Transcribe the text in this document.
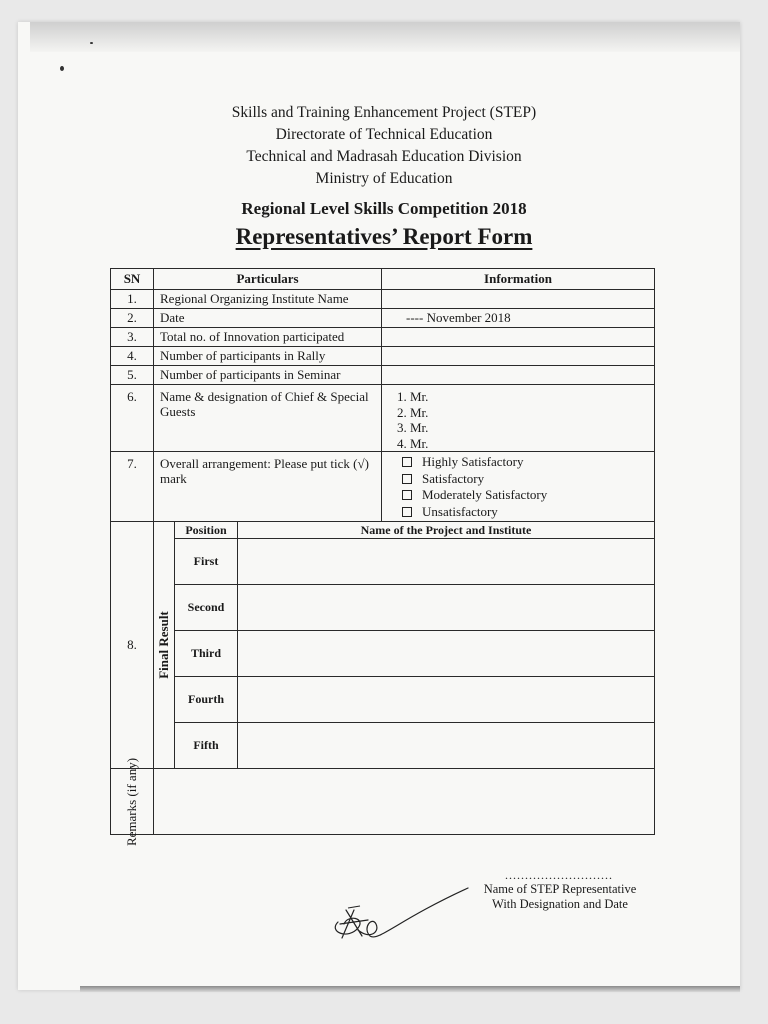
Skills and Training Enhancement Project (STEP)
Directorate of Technical Education
Technical and Madrasah Education Division
Ministry of Education
Regional Level Skills Competition 2018
Representatives’ Report Form
SN	Particulars	Information
1.	Regional Organizing Institute Name	
2.	Date	---- November 2018
3.	Total no. of Innovation participated	
4.	Number of participants in Rally	
5.	Number of participants in Seminar	
6.	Name & designation of Chief & Special Guests	
1. Mr.
2. Mr.
3. Mr.
4. Mr.

7.	Overall arrangement: Please put tick (√) mark	
Highly Satisfactory
Satisfactory
Moderately Satisfactory
Unsatisfactory

8.	Final Result
	Position	Name of the Project and Institute
First	
Second	
Third	
Fourth	
Fifth	

Remarks (if any)

...........................
Name of STEP Representative
With Designation and Date
